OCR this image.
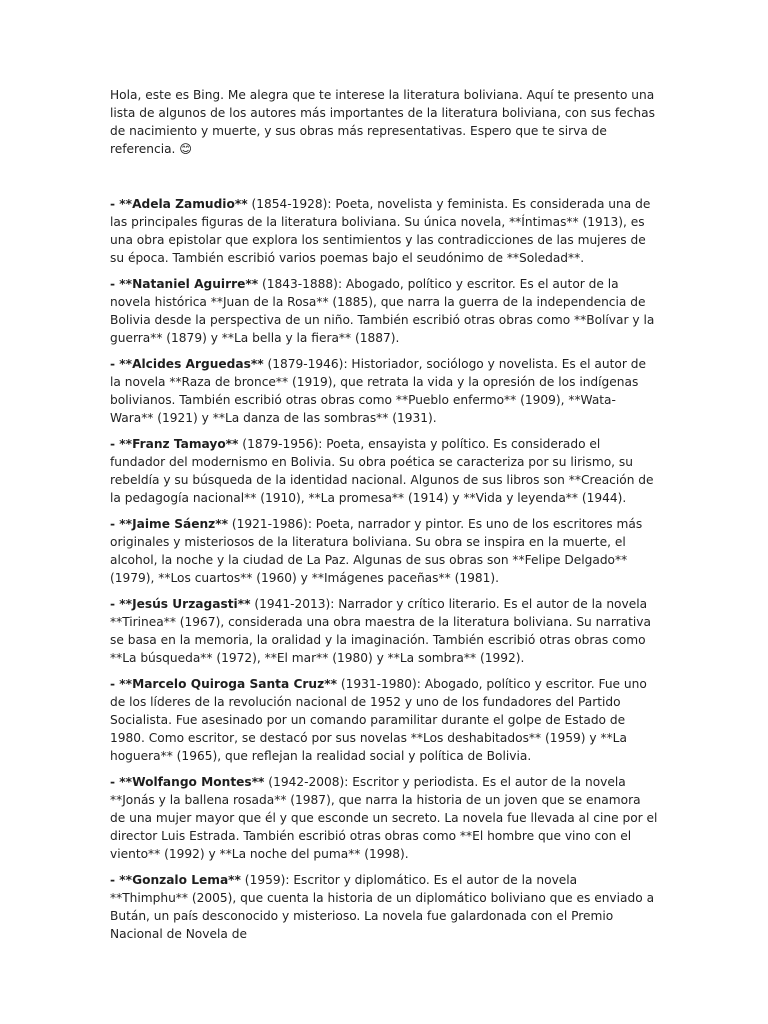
Hola, este es Bing. Me alegra que te interese la literatura boliviana. Aquí te presento una lista de algunos de los autores más importantes de la literatura boliviana, con sus fechas de nacimiento y muerte, y sus obras más representativas. Espero que te sirva de referencia. 😊

- **Adela Zamudio** (1854-1928): Poeta, novelista y feminista. Es considerada una de las principales figuras de la literatura boliviana. Su única novela, **Íntimas** (1913), es una obra epistolar que explora los sentimientos y las contradicciones de las mujeres de su época. También escribió varios poemas bajo el seudónimo de **Soledad**.

- **Nataniel Aguirre** (1843-1888): Abogado, político y escritor. Es el autor de la novela histórica **Juan de la Rosa** (1885), que narra la guerra de la independencia de Bolivia desde la perspectiva de un niño. También escribió otras obras como **Bolívar y la guerra** (1879) y **La bella y la fiera** (1887).

- **Alcides Arguedas** (1879-1946): Historiador, sociólogo y novelista. Es el autor de la novela **Raza de bronce** (1919), que retrata la vida y la opresión de los indígenas bolivianos. También escribió otras obras como **Pueblo enfermo** (1909), **Wata-Wara** (1921) y **La danza de las sombras** (1931).

- **Franz Tamayo** (1879-1956): Poeta, ensayista y político. Es considerado el fundador del modernismo en Bolivia. Su obra poética se caracteriza por su lirismo, su rebeldía y su búsqueda de la identidad nacional. Algunos de sus libros son **Creación de la pedagogía nacional** (1910), **La promesa** (1914) y **Vida y leyenda** (1944).

- **Jaime Sáenz** (1921-1986): Poeta, narrador y pintor. Es uno de los escritores más originales y misteriosos de la literatura boliviana. Su obra se inspira en la muerte, el alcohol, la noche y la ciudad de La Paz. Algunas de sus obras son **Felipe Delgado** (1979), **Los cuartos** (1960) y **Imágenes paceñas** (1981).

- **Jesús Urzagasti** (1941-2013): Narrador y crítico literario. Es el autor de la novela **Tirinea** (1967), considerada una obra maestra de la literatura boliviana. Su narrativa se basa en la memoria, la oralidad y la imaginación. También escribió otras obras como **La búsqueda** (1972), **El mar** (1980) y **La sombra** (1992).

- **Marcelo Quiroga Santa Cruz** (1931-1980): Abogado, político y escritor. Fue uno de los líderes de la revolución nacional de 1952 y uno de los fundadores del Partido Socialista. Fue asesinado por un comando paramilitar durante el golpe de Estado de 1980. Como escritor, se destacó por sus novelas **Los deshabitados** (1959) y **La hoguera** (1965), que reflejan la realidad social y política de Bolivia.

- **Wolfango Montes** (1942-2008): Escritor y periodista. Es el autor de la novela **Jonás y la ballena rosada** (1987), que narra la historia de un joven que se enamora de una mujer mayor que él y que esconde un secreto. La novela fue llevada al cine por el director Luis Estrada. También escribió otras obras como **El hombre que vino con el viento** (1992) y **La noche del puma** (1998).

- **Gonzalo Lema** (1959): Escritor y diplomático. Es el autor de la novela **Thimphu** (2005), que cuenta la historia de un diplomático boliviano que es enviado a Bután, un país desconocido y misterioso. La novela fue galardonada con el Premio Nacional de Novela de
